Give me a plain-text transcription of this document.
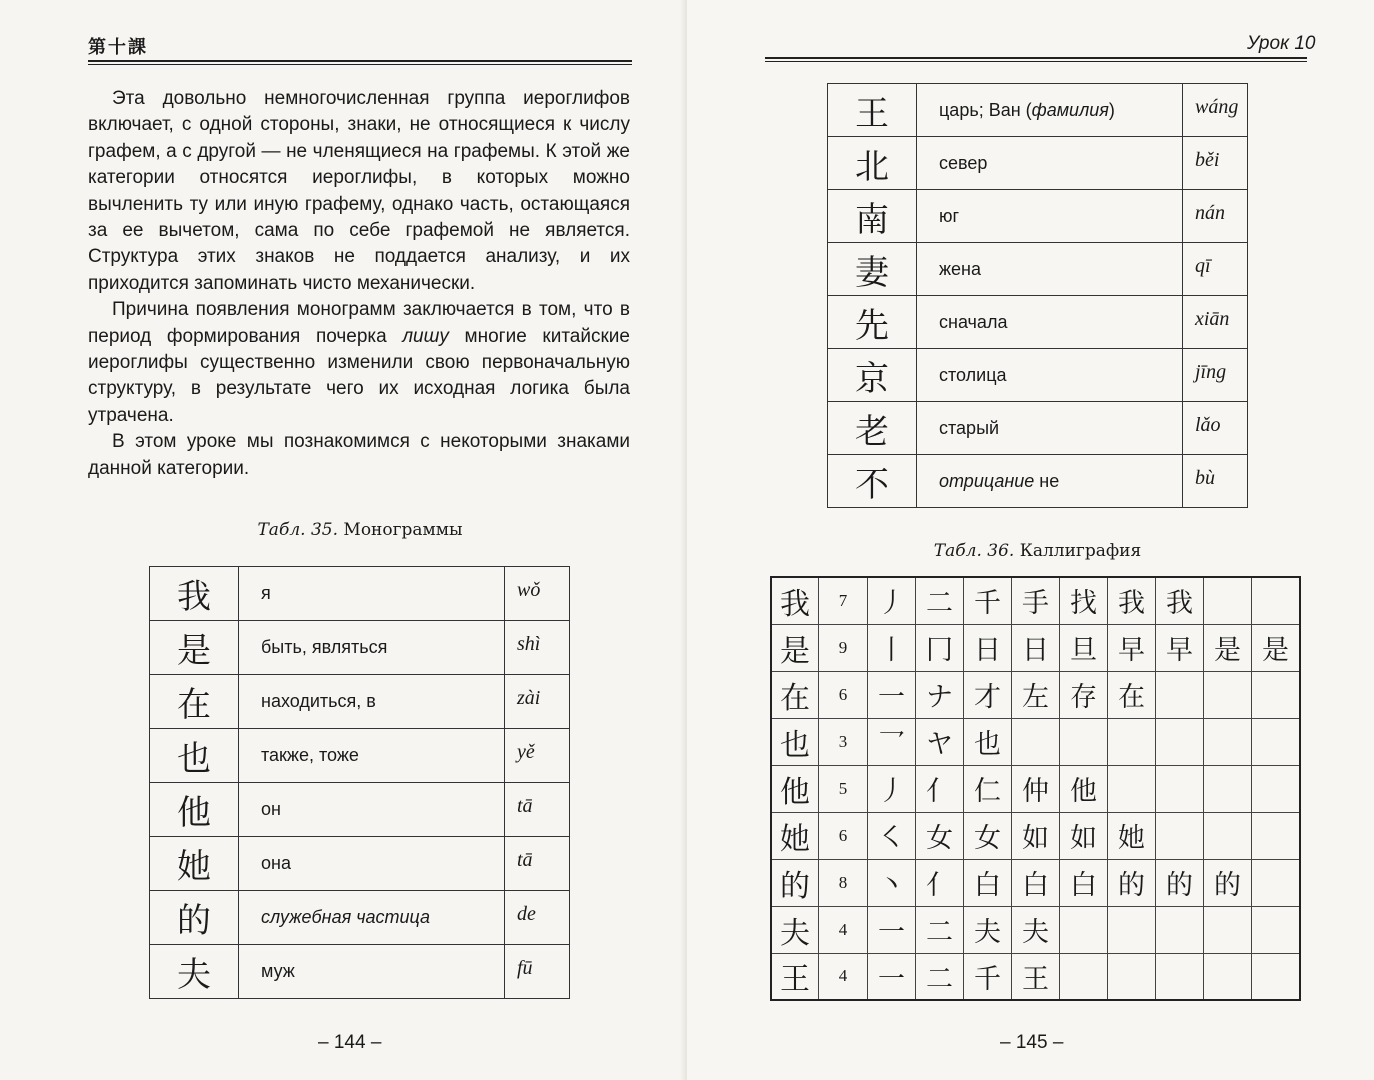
第十課

Эта довольно немногочисленная группа иероглифов включает, с одной стороны, знаки, не относящиеся к числу графем, а с другой — не членящиеся на графемы. К этой же категории относятся иероглифы, в которых можно вычленить ту или иную графему, однако часть, остающаяся за ее вычетом, сама по себе графемой не является. Структура этих знаков не поддается анализу, и их приходится запоминать чисто механически.

Причина появления монограмм заключается в том, что в период формирования почерка лишу многие китайские иероглифы существенно изменили свою первоначальную структуру, в результате чего их исходная логика была утрачена.

В этом уроке мы познакомимся с некоторыми знаками данной категории.

Табл. 35. Монограммы
我	я	wǒ
是	быть, являться	shì
在	находиться, в	zài
也	также, тоже	yě
他	он	tā
她	она	tā
的	служебная частица	de
夫	муж	fū
– 144 –
Урок 10
王	царь; Ван (фамилия)	wáng
北	север	běi
南	юг	nán
妻	жена	qī
先	сначала	xiān
京	столица	jīng
老	старый	lǎo
不	отрицание не	bù
Табл. 36. Каллиграфия
我	7	丿	二	千	手	找	我	我		
是	9	丨	冂	日	日	旦	早	早	是	是
在	6	一	ナ	才	左	存	在			
也	3	乛	ヤ	也						
他	5	丿	亻	仁	仲	他				
她	6	㇛	女	女	如	如	她			
的	8	丶	亻	白	白	白	的	的	的	
夫	4	一	二	夫	夫					
王	4	一	二	千	王					
– 145 –
